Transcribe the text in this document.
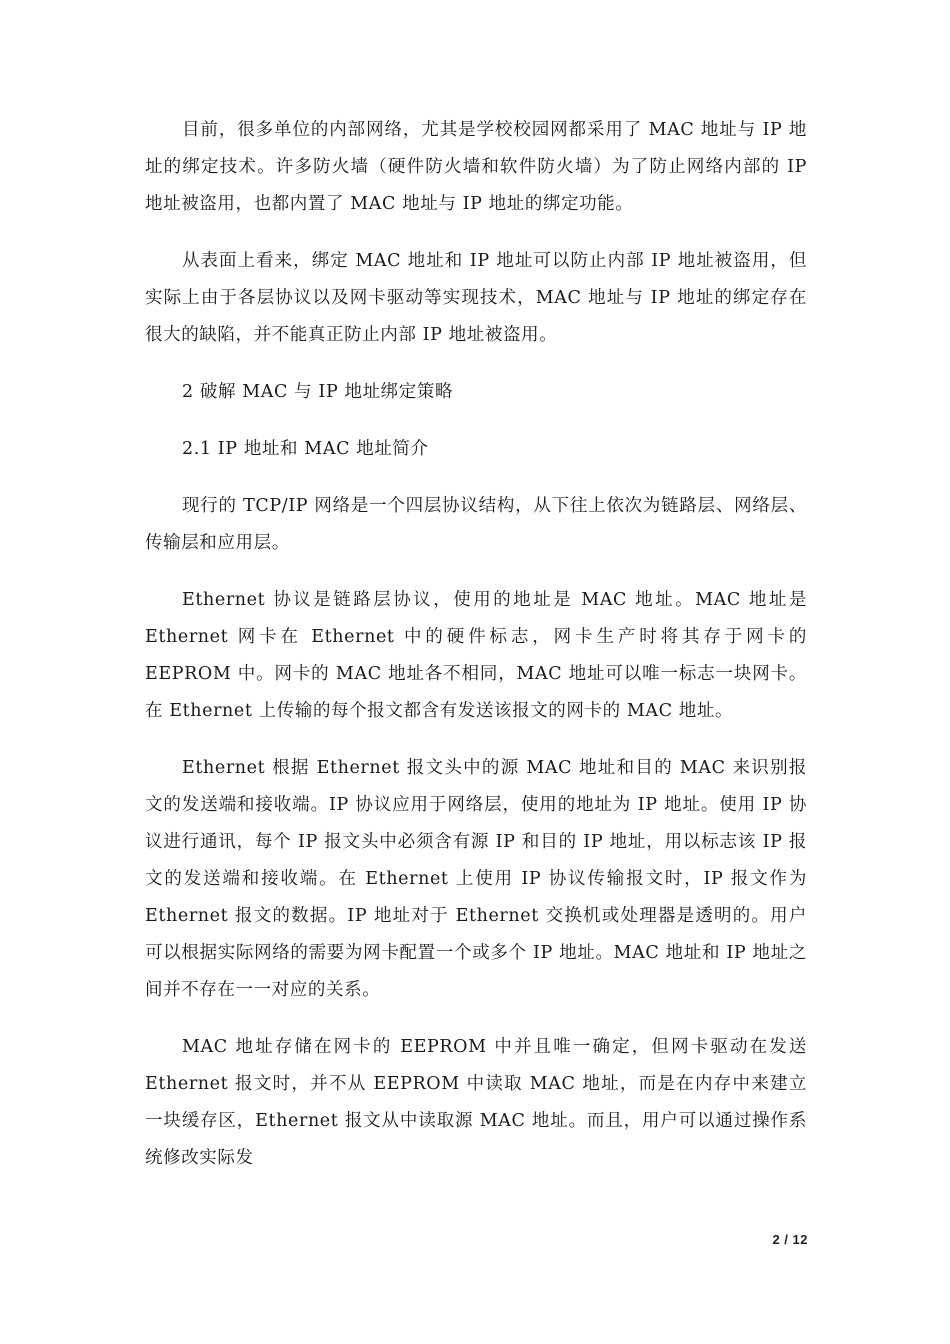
目前，很多单位的内部网络，尤其是学校校园网都采用了 MAC 地址与 IP 地址的绑定技术。许多防火墙（硬件防火墙和软件防火墙）为了防止网络内部的 IP 地址被盗用，也都内置了 MAC 地址与 IP 地址的绑定功能。

从表面上看来，绑定 MAC 地址和 IP 地址可以防止内部 IP 地址被盗用，但实际上由于各层协议以及网卡驱动等实现技术，MAC 地址与 IP 地址的绑定存在很大的缺陷，并不能真正防止内部 IP 地址被盗用。

2 破解 MAC 与 IP 地址绑定策略

2.1 IP 地址和 MAC 地址简介

现行的 TCP/IP 网络是一个四层协议结构，从下往上依次为链路层、网络层、传输层和应用层。

Ethernet 协议是链路层协议，使用的地址是 MAC 地址。MAC 地址是 Ethernet 网卡在 Ethernet 中的硬件标志，网卡生产时将其存于网卡的 EEPROM 中。网卡的 MAC 地址各不相同，MAC 地址可以唯一标志一块网卡。在 Ethernet 上传输的每个报文都含有发送该报文的网卡的 MAC 地址。

Ethernet 根据 Ethernet 报文头中的源 MAC 地址和目的 MAC 来识别报文的发送端和接收端。IP 协议应用于网络层，使用的地址为 IP 地址。使用 IP 协议进行通讯，每个 IP 报文头中必须含有源 IP 和目的 IP 地址，用以标志该 IP 报文的发送端和接收端。在 Ethernet 上使用 IP 协议传输报文时，IP 报文作为 Ethernet 报文的数据。IP 地址对于 Ethernet 交换机或处理器是透明的。用户可以根据实际网络的需要为网卡配置一个或多个 IP 地址。MAC 地址和 IP 地址之间并不存在一一对应的关系。

MAC 地址存储在网卡的 EEPROM 中并且唯一确定，但网卡驱动在发送 Ethernet 报文时，并不从 EEPROM 中读取 MAC 地址，而是在内存中来建立一块缓存区，Ethernet 报文从中读取源 MAC 地址。而且，用户可以通过操作系统修改实际发

2 / 12
